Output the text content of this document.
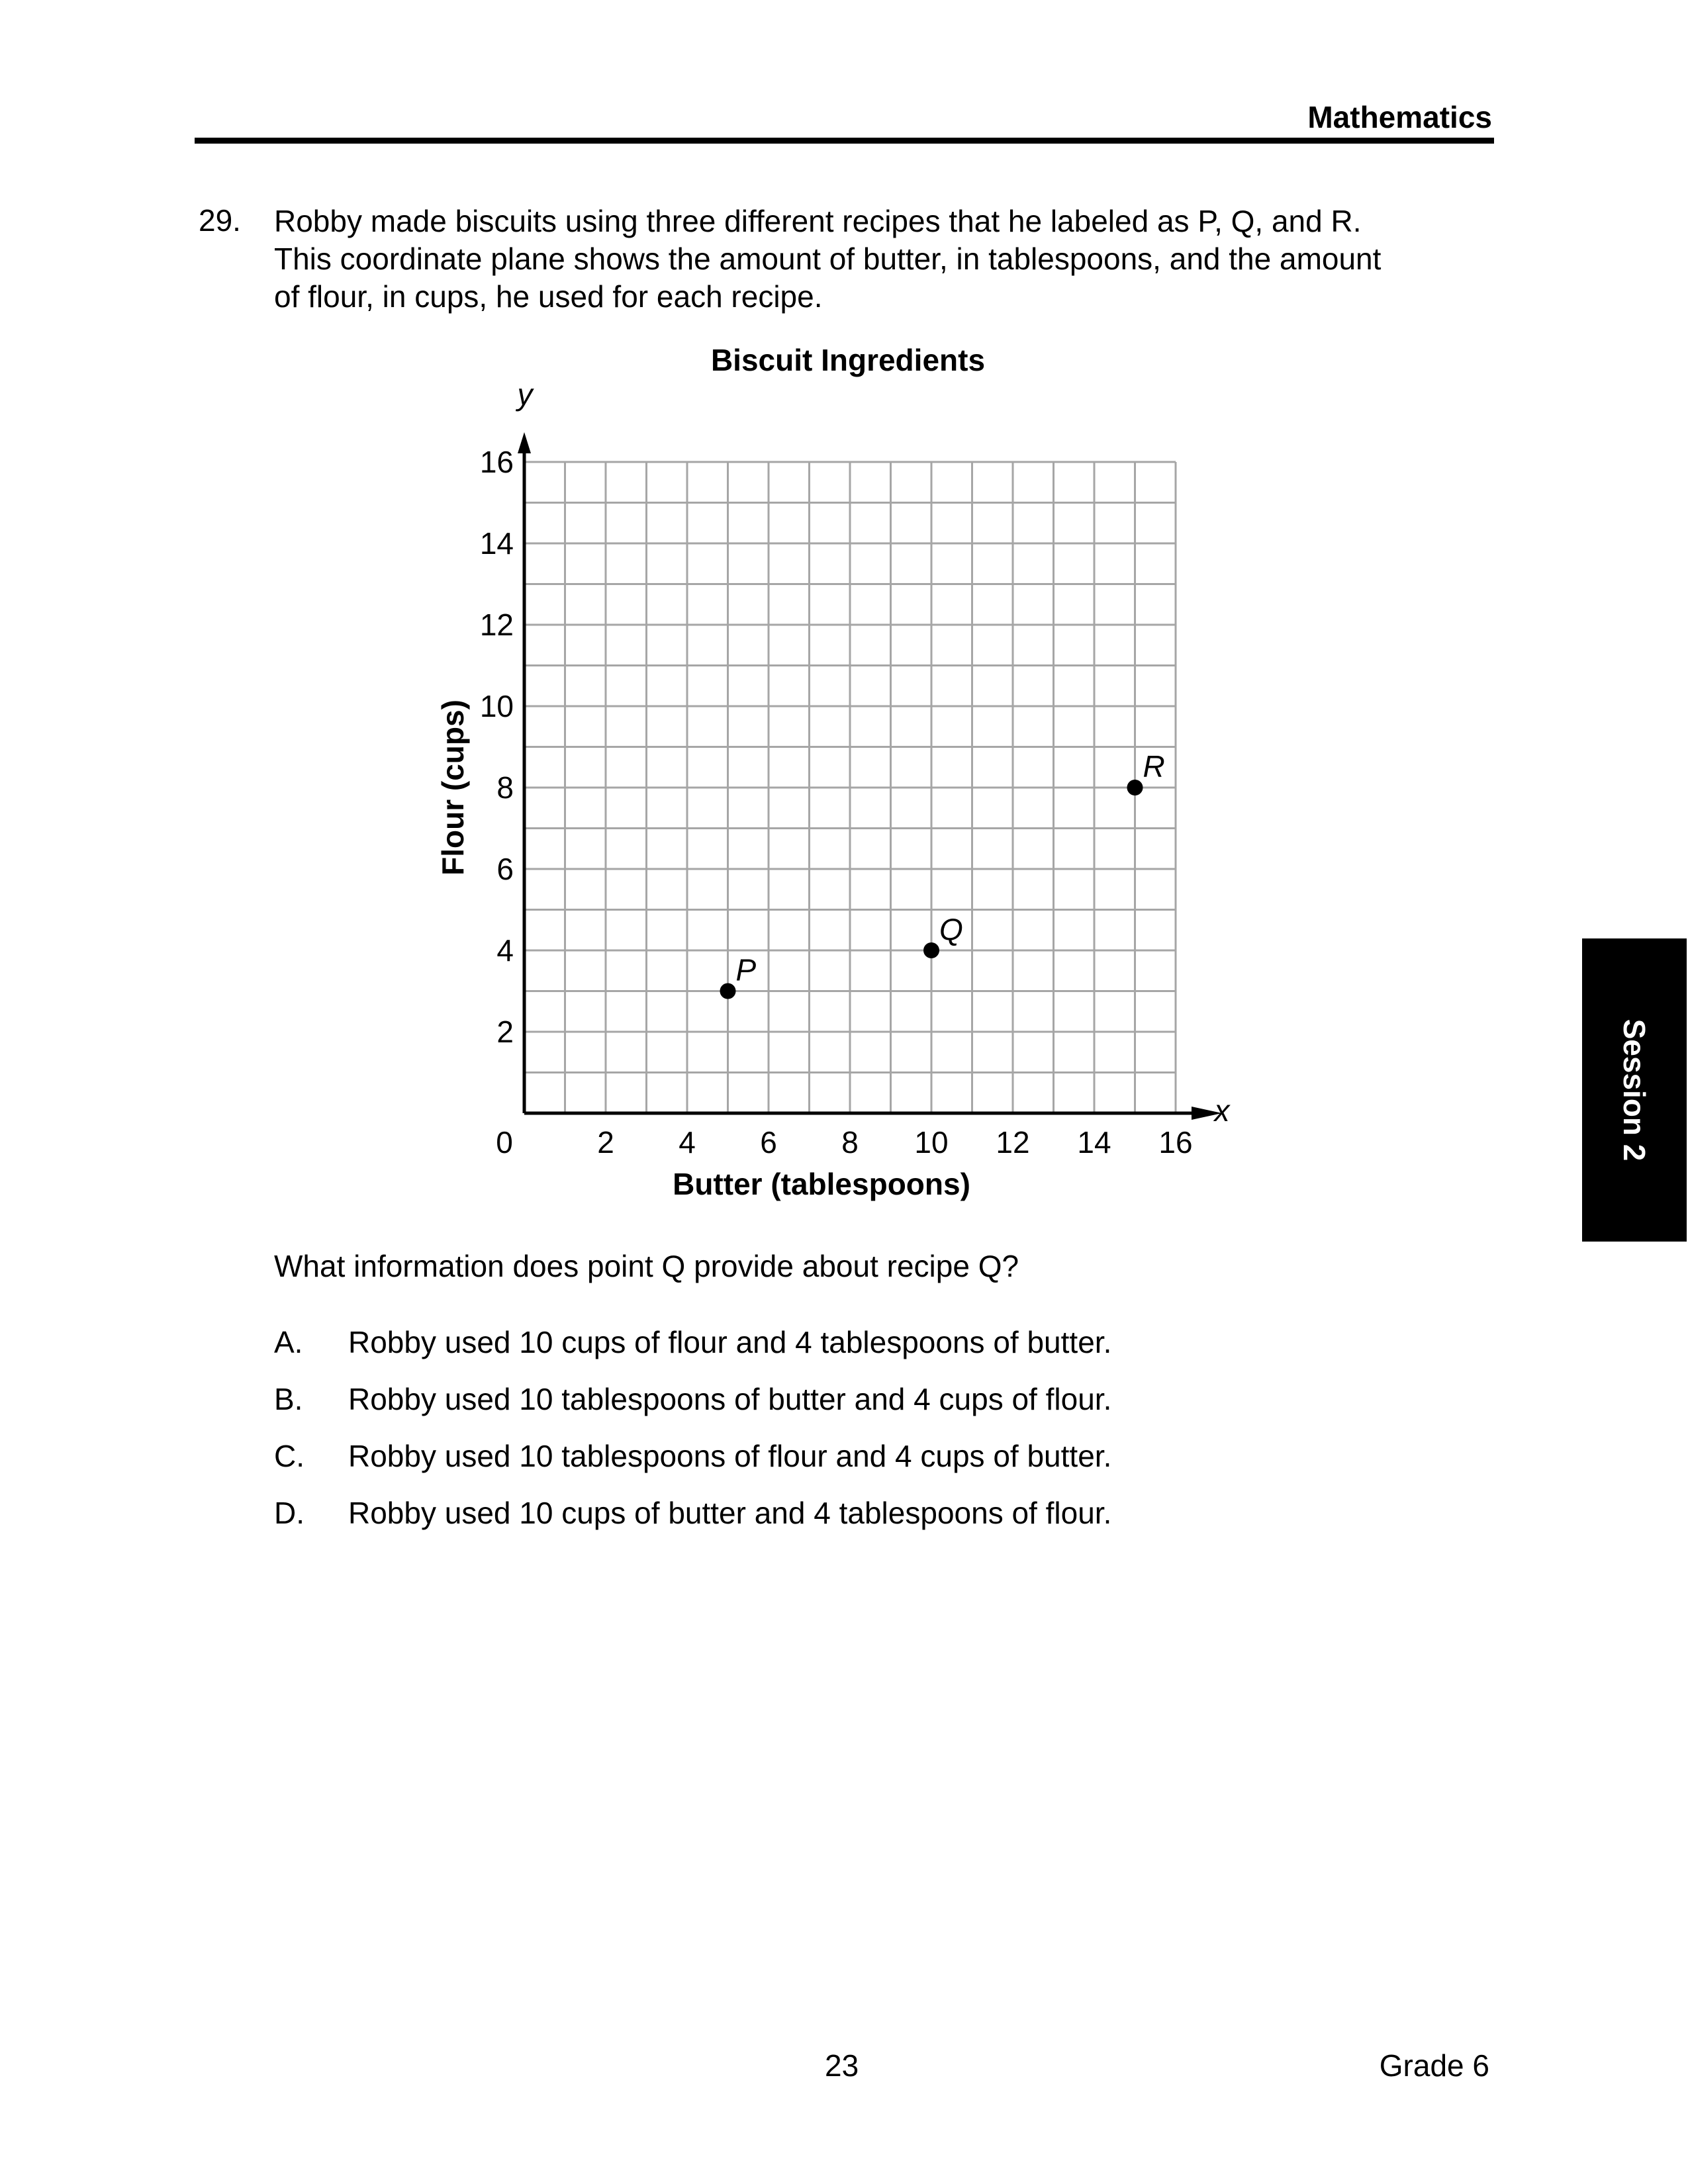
Mathematics
29. Robby made biscuits using three different recipes that he labeled as P, Q, and R.
This coordinate plane shows the amount of butter, in tablespoons, and the amount
of flour, in cups, he used for each recipe.
Biscuit Ingredients
0	2 4 6 8 10 12 14 16
2
4
6
8
10
12
14
16
P
Q
R
Butter (tablespoons)
Flour (cups)
y
x
What information does point Q provide about recipe Q?
A. Robby used 10 cups of flour and 4 tablespoons of butter.
B. Robby used 10 tablespoons of butter and 4 cups of flour.
C. Robby used 10 tablespoons of flour and 4 cups of butter.
D. Robby used 10 cups of butter and 4 tablespoons of flour.
Session 2
23	Grade 6
